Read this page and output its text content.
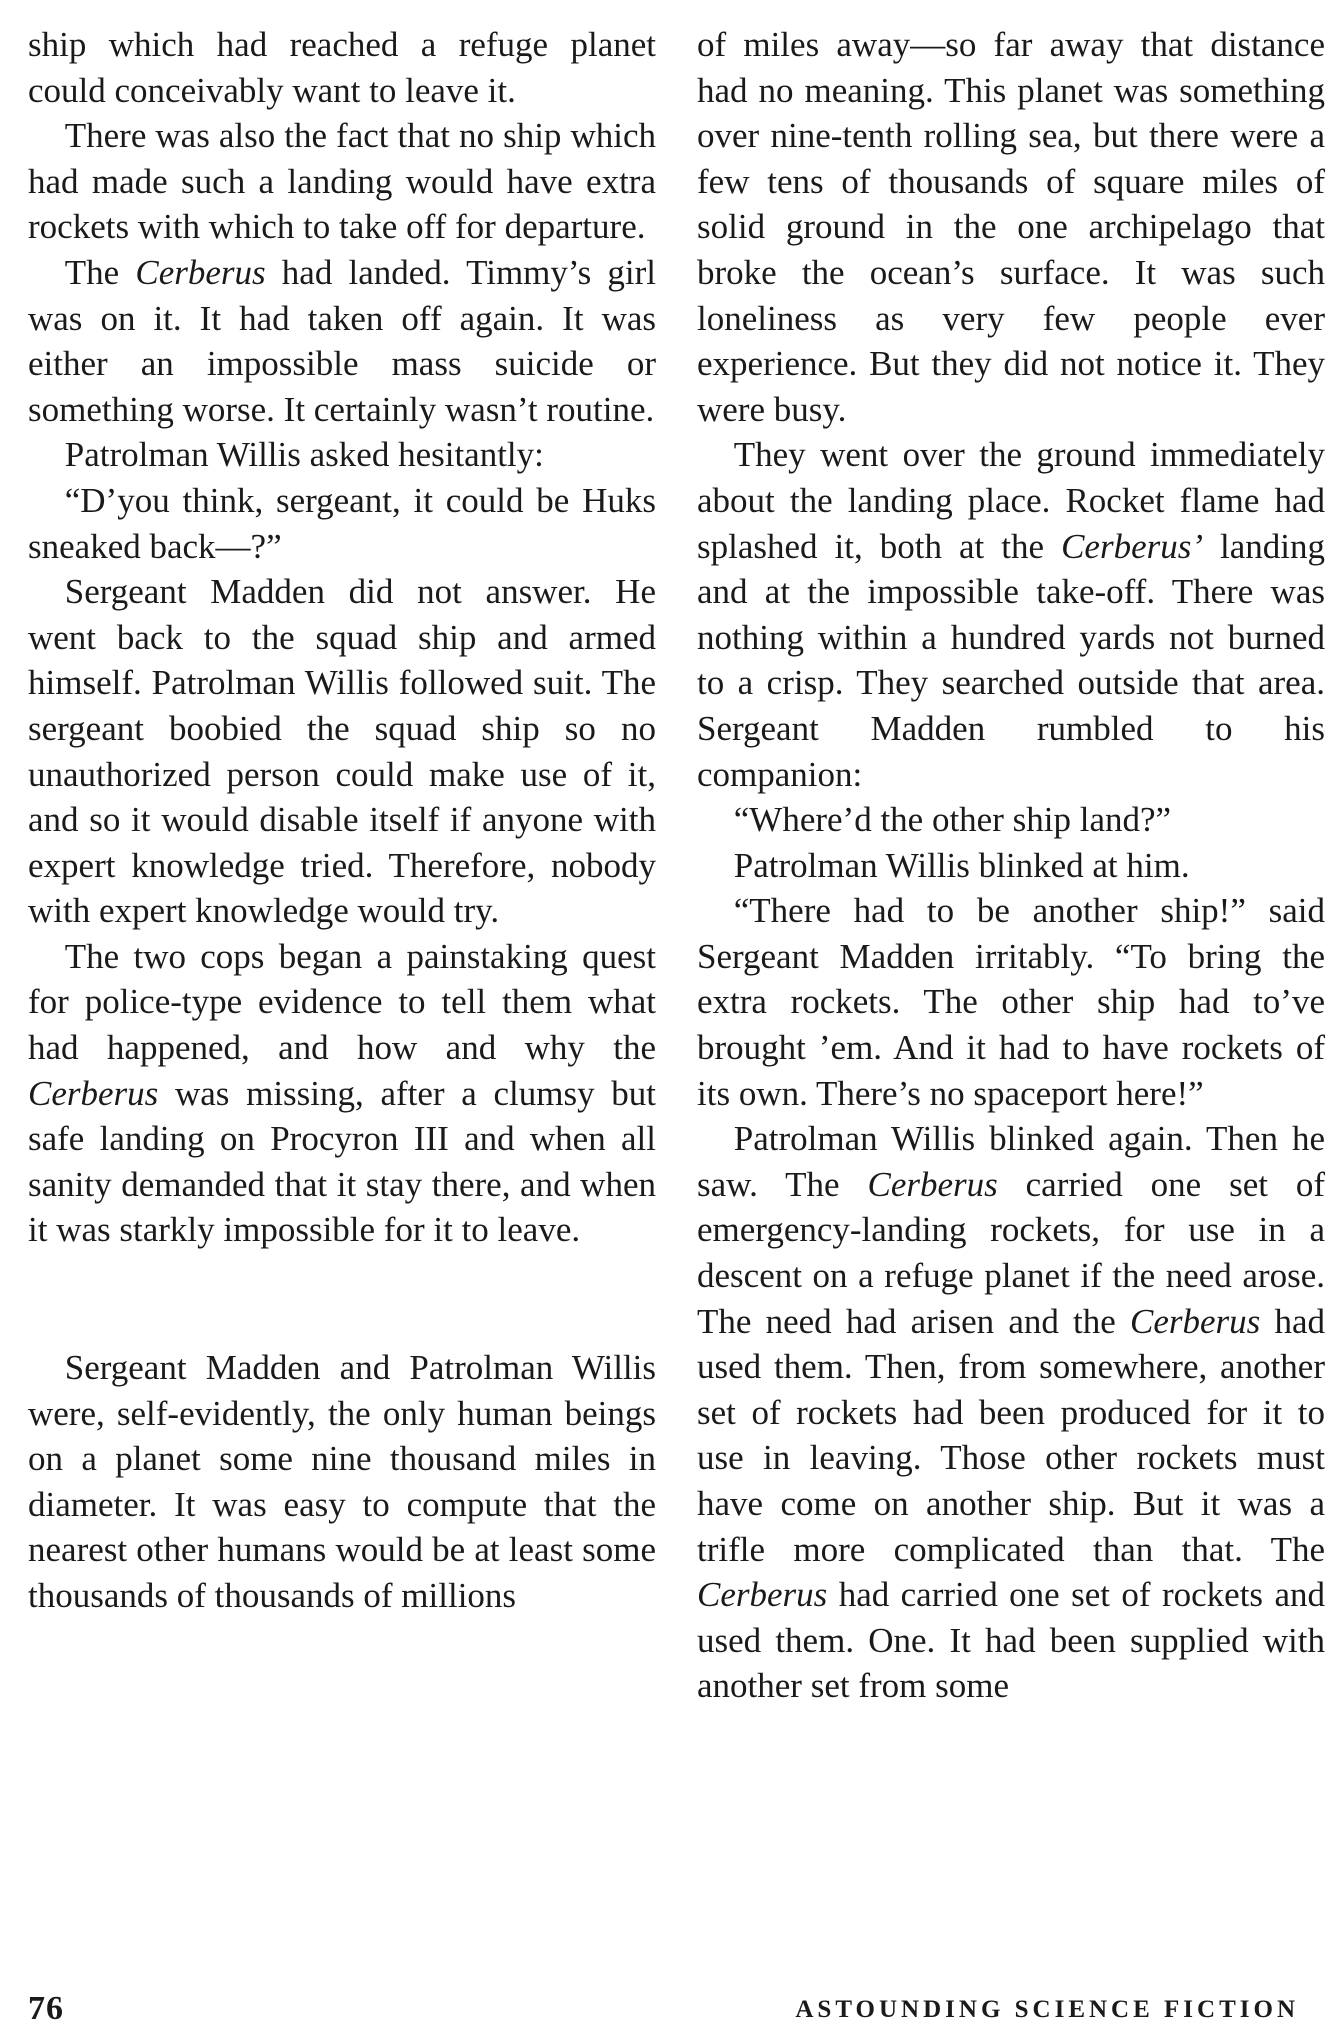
ship which had reached a refuge planet could conceivably want to leave it.

There was also the fact that no ship which had made such a landing would have extra rockets with which to take off for departure.

The Cerberus had landed. Timmy’s girl was on it. It had taken off again. It was either an impossible mass suicide or something worse. It certainly wasn’t routine.

Patrolman Willis asked hesitantly:

“D’you think, sergeant, it could be Huks sneaked back—?”

Sergeant Madden did not answer. He went back to the squad ship and armed himself. Patrolman Willis followed suit. The sergeant boobied the squad ship so no unauthorized person could make use of it, and so it would disable itself if anyone with expert knowledge tried. Therefore, nobody with expert knowledge would try.

The two cops began a painstaking quest for police-type evidence to tell them what had happened, and how and why the Cerberus was missing, after a clumsy but safe landing on Procyron III and when all sanity demanded that it stay there, and when it was starkly impossible for it to leave.

Sergeant Madden and Patrolman Willis were, self-evidently, the only human beings on a planet some nine thousand miles in diameter. It was easy to compute that the nearest other humans would be at least some thousands of thousands of millions

of miles away—so far away that distance had no meaning. This planet was something over nine-tenth rolling sea, but there were a few tens of thousands of square miles of solid ground in the one archipelago that broke the ocean’s surface. It was such loneliness as very few people ever experience. But they did not notice it. They were busy.

They went over the ground immediately about the landing place. Rocket flame had splashed it, both at the Cerberus’ landing and at the impossible take-off. There was nothing within a hundred yards not burned to a crisp. They searched outside that area. Sergeant Madden rumbled to his companion:

“Where’d the other ship land?”

Patrolman Willis blinked at him.

“There had to be another ship!” said Sergeant Madden irritably. “To bring the extra rockets. The other ship had to’ve brought ’em. And it had to have rockets of its own. There’s no spaceport here!”

Patrolman Willis blinked again. Then he saw. The Cerberus carried one set of emergency-landing rockets, for use in a descent on a refuge planet if the need arose. The need had arisen and the Cerberus had used them. Then, from somewhere, another set of rockets had been produced for it to use in leaving. Those other rockets must have come on another ship. But it was a trifle more complicated than that. The Cerberus had carried one set of rockets and used them. One. It had been supplied with another set from some

76	ASTOUNDING SCIENCE FICTION
